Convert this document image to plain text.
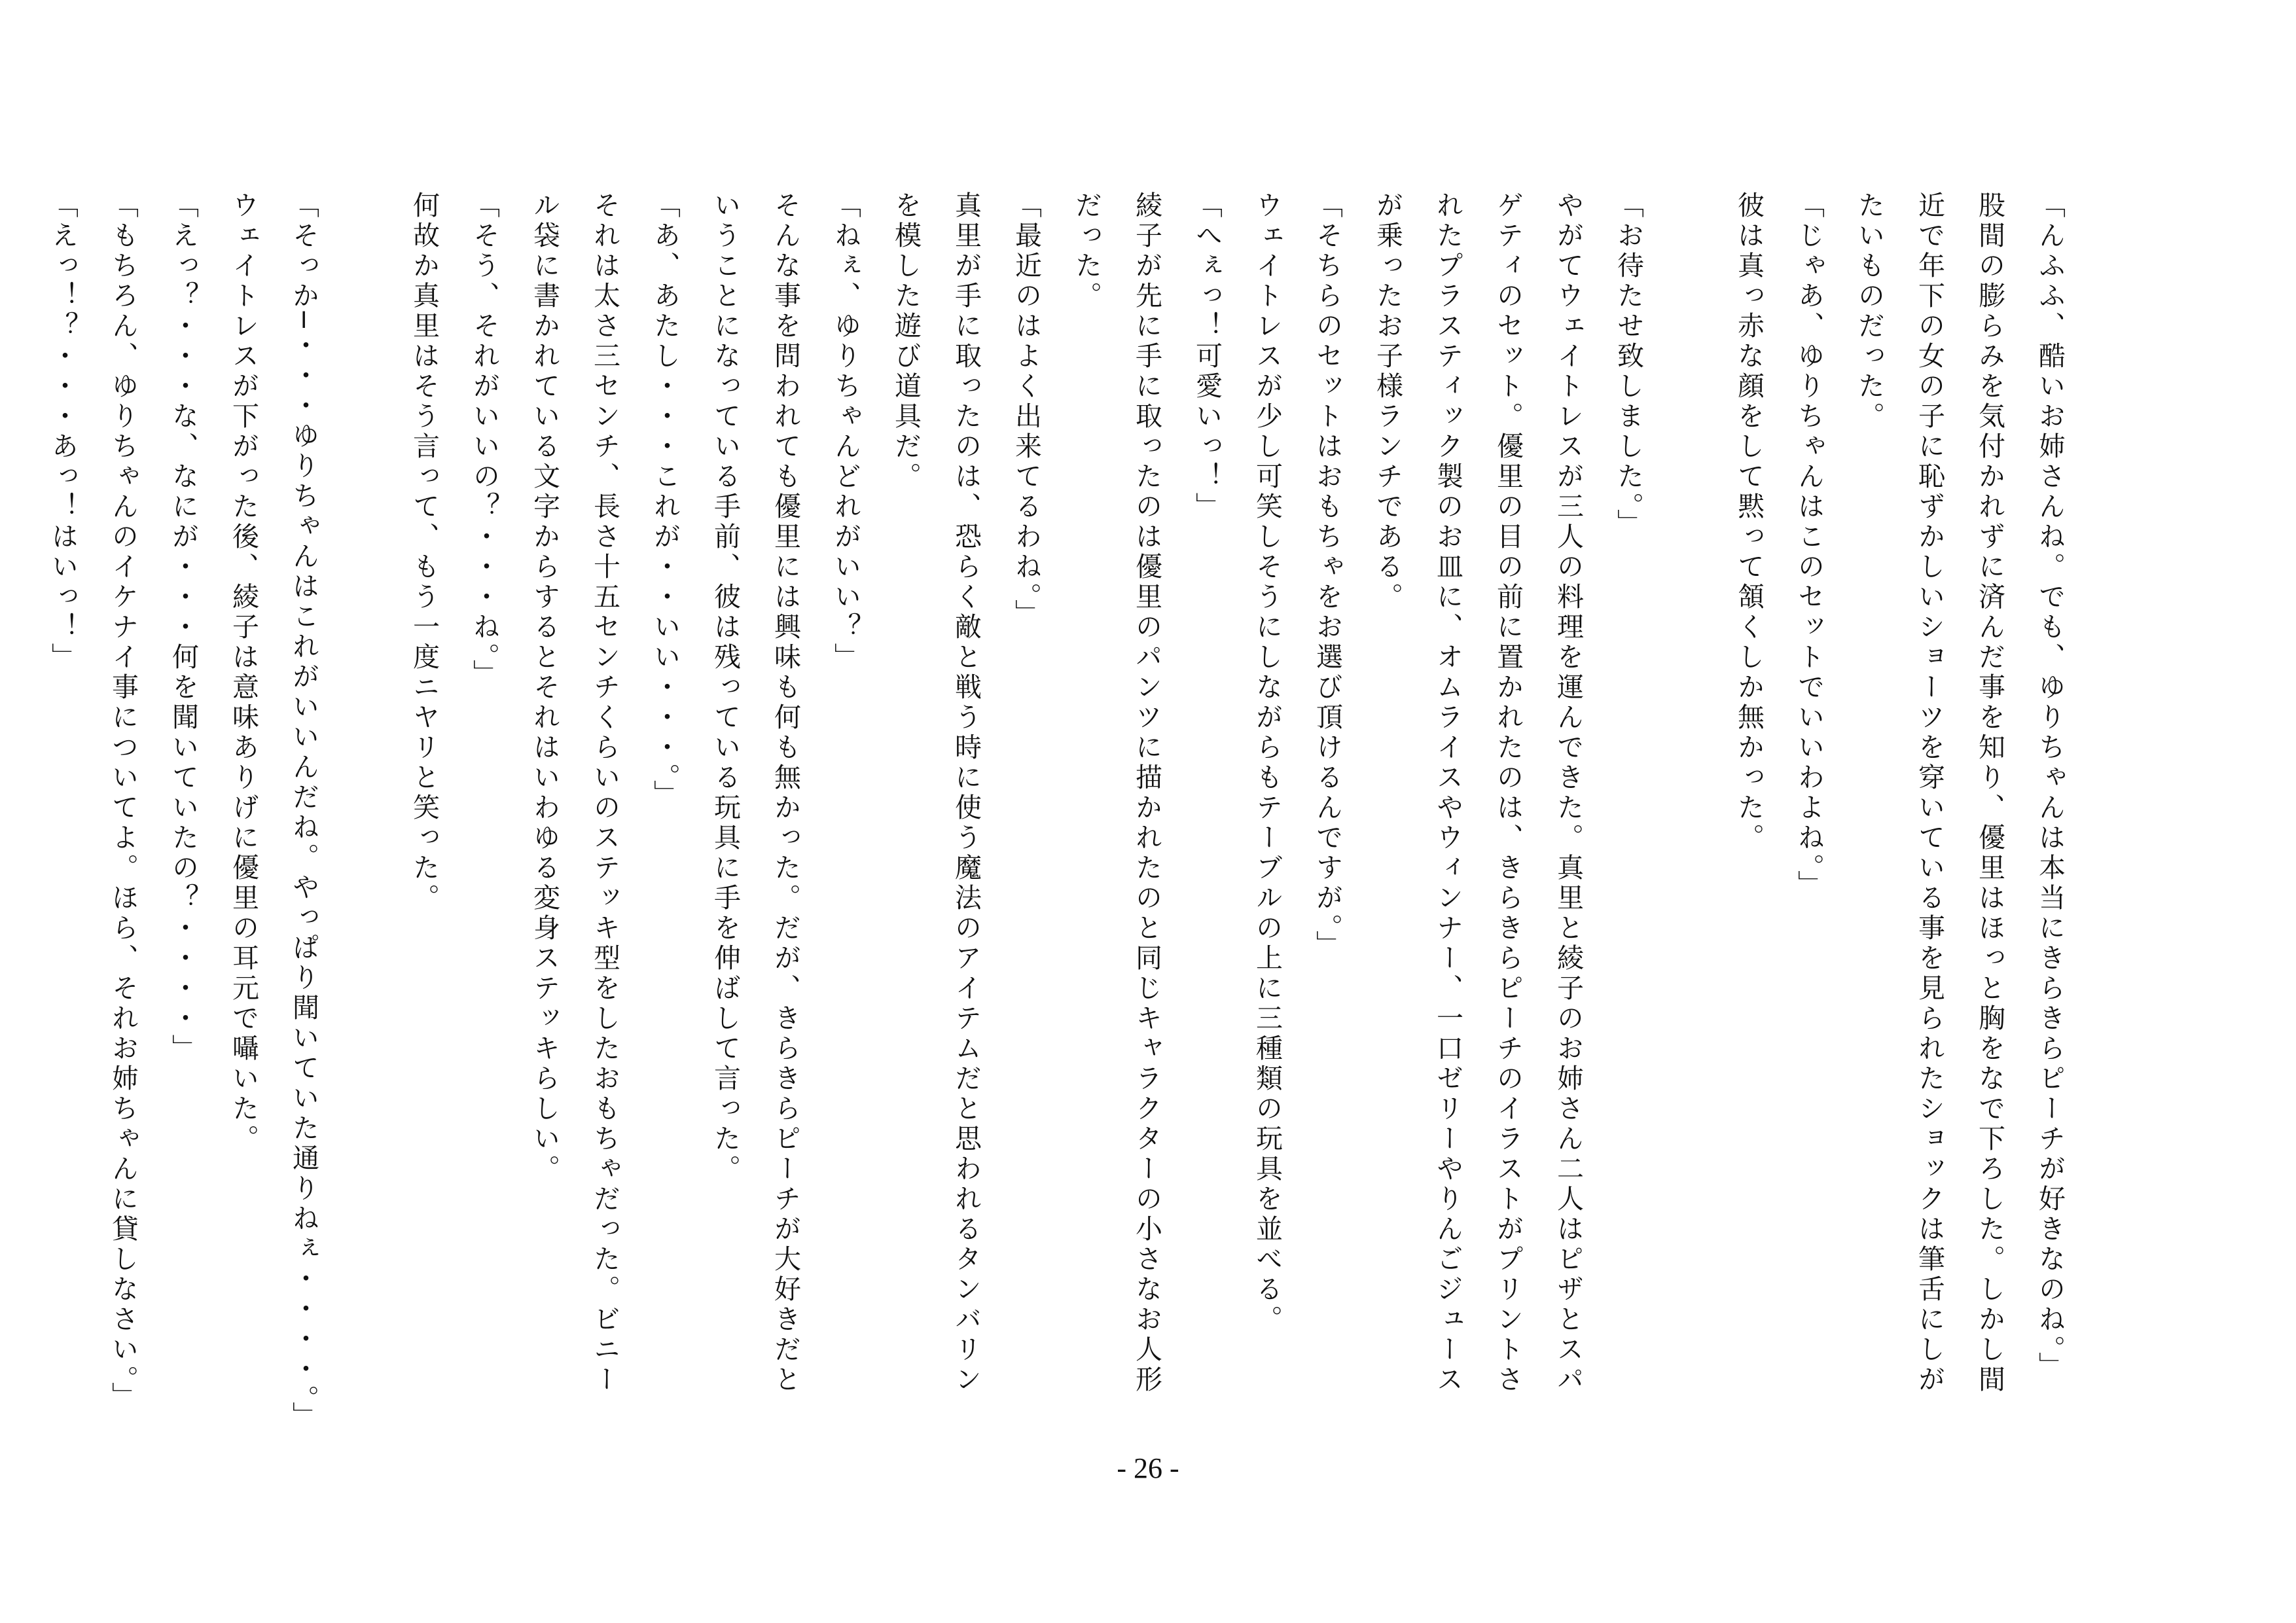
「んふふ、酷いお姉さんね。でも、ゆりちゃんは本当にきらきらピーチが好きなのね。」
股間の膨らみを気付かれずに済んだ事を知り、優里はほっと胸をなで下ろした。しかし間
近で年下の女の子に恥ずかしいショーツを穿いている事を見られたショックは筆舌にしが
たいものだった。
「じゃあ、ゆりちゃんはこのセットでいいわよね。」
彼は真っ赤な顔をして黙って頷くしか無かった。

「お待たせ致しました。」
やがてウェイトレスが三人の料理を運んできた。真里と綾子のお姉さん二人はピザとスパ
ゲティのセット。優里の目の前に置かれたのは、きらきらピーチのイラストがプリントさ
れたプラスティック製のお皿に、オムライスやウィンナー、一口ゼリーやりんごジュース
が乗ったお子様ランチである。
「そちらのセットはおもちゃをお選び頂けるんですが。」
ウェイトレスが少し可笑しそうにしながらもテーブルの上に三種類の玩具を並べる。
「へぇっ！可愛いっ！」
綾子が先に手に取ったのは優里のパンツに描かれたのと同じキャラクターの小さなお人形
だった。
「最近のはよく出来てるわね。」
真里が手に取ったのは、恐らく敵と戦う時に使う魔法のアイテムだと思われるタンバリン
を模した遊び道具だ。
「ねぇ、ゆりちゃんどれがいい？」
そんな事を問われても優里には興味も何も無かった。だが、きらきらピーチが大好きだと
いうことになっている手前、彼は残っている玩具に手を伸ばして言った。
「あ、あたし・・・これが・・いい・・・。」
それは太さ三センチ、長さ十五センチくらいのステッキ型をしたおもちゃだった。ビニー
ル袋に書かれている文字からするとそれはいわゆる変身ステッキらしい。
「そう、それがいいの？・・・ね。」
何故か真里はそう言って、もう一度ニヤリと笑った。

「そっか─・・・ゆりちゃんはこれがいいんだね。やっぱり聞いていた通りねぇ・・・・。」
ウェイトレスが下がった後、綾子は意味ありげに優里の耳元で囁いた。
「えっ？・・・な、なにが・・・何を聞いていたの？・・・・」
「もちろん、ゆりちゃんのイケナイ事についてよ。ほら、それお姉ちゃんに貸しなさい。」
「えっ！？・・・あっ！はいっ！」
- 26 -
